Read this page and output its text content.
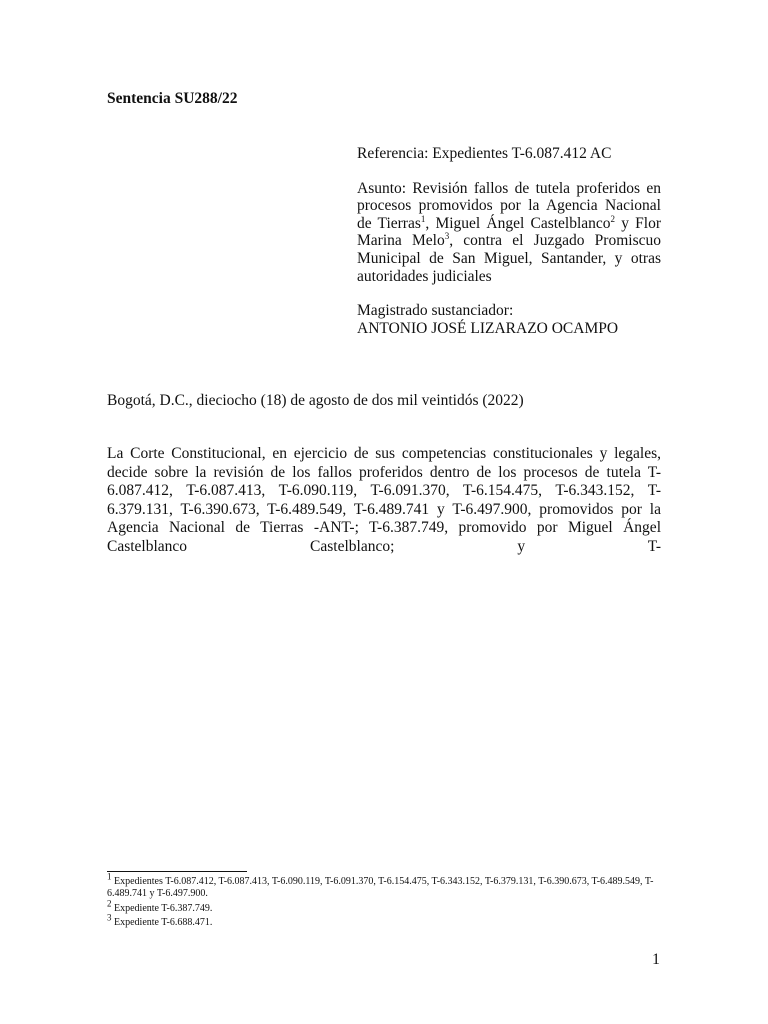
Sentencia SU288/22

Referencia: Expedientes T-6.087.412 AC

Asunto: Revisión fallos de tutela proferidos en procesos promovidos por la Agencia Nacional de Tierras$^1$, Miguel Ángel Castelblanco$^2$ y Flor Marina Melo$^3$, contra el Juzgado Promiscuo Municipal de San Miguel, Santander, y otras autoridades judiciales

Magistrado sustanciador:

ANTONIO JOSÉ LIZARAZO OCAMPO

Bogotá, D.C., dieciocho (18) de agosto de dos mil veintidós (2022)

La Corte Constitucional, en ejercicio de sus competencias constitucionales y legales, decide sobre la revisión de los fallos proferidos dentro de los procesos de tutela T-6.087.412, T-6.087.413, T-6.090.119, T-6.091.370, T-6.154.475, T-6.343.152, T-6.379.131, T-6.390.673, T-6.489.549, T-6.489.741 y T-6.497.900, promovidos por la Agencia Nacional de Tierras -ANT-; T-6.387.749, promovido por Miguel Ángel Castelblanco Castelblanco; y T-

$^1$ Expedientes T-6.087.412, T-6.087.413, T-6.090.119, T-6.091.370, T-6.154.475, T-6.343.152, T-6.379.131, T-6.390.673, T-6.489.549, T-6.489.741 y T-6.497.900.

$^2$ Expediente T-6.387.749.

$^3$ Expediente T-6.688.471.

1
